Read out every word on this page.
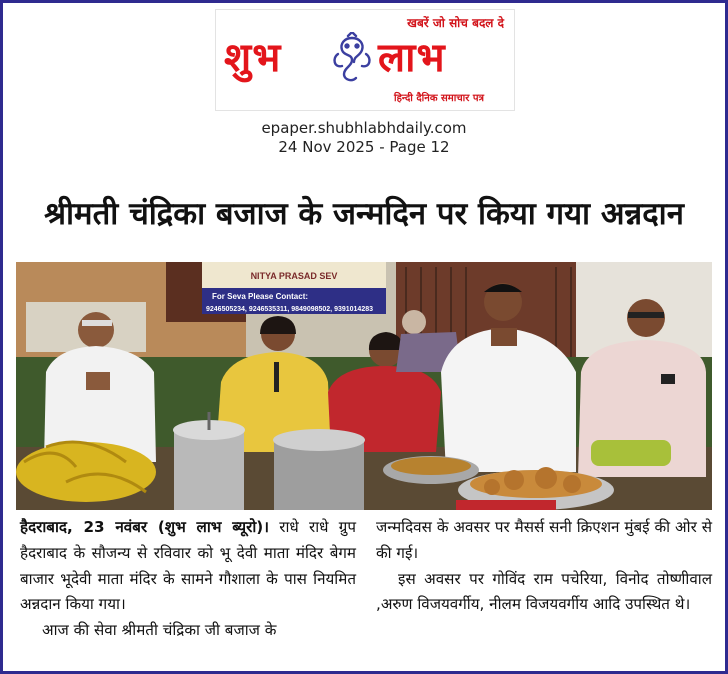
खबरें जो सोच बदल दे
शुभ लाभ
हिन्दी दैनिक समाचार पत्र
epaper.shubhlabhdaily.com
24 Nov 2025 - Page 12
श्रीमती चंद्रिका बजाज के जन्मदिन पर किया गया अन्नदान
NITYA PRASAD SEV
For Seva Please Contact:
9246505234, 9246535311, 9849098502, 9391014283

हैदराबाद, 23 नवंबर (शुभ लाभ ब्यूरो)। राधे राधे ग्रुप हैदराबाद के सौजन्य से रविवार को भू देवी माता मंदिर बेगम बाजार भूदेवी माता मंदिर के सामने गौशाला के पास नियमित अन्नदान किया गया।

आज की सेवा श्रीमती चंद्रिका जी बजाज के

जन्मदिवस के अवसर पर मैसर्स सनी क्रिएशन मुंबई की ओर से की गई।

इस अवसर पर गोविंद राम पचेरिया, विनोद तोष्णीवाल ,अरुण विजयवर्गीय, नीलम विजयवर्गीय आदि उपस्थित थे।
